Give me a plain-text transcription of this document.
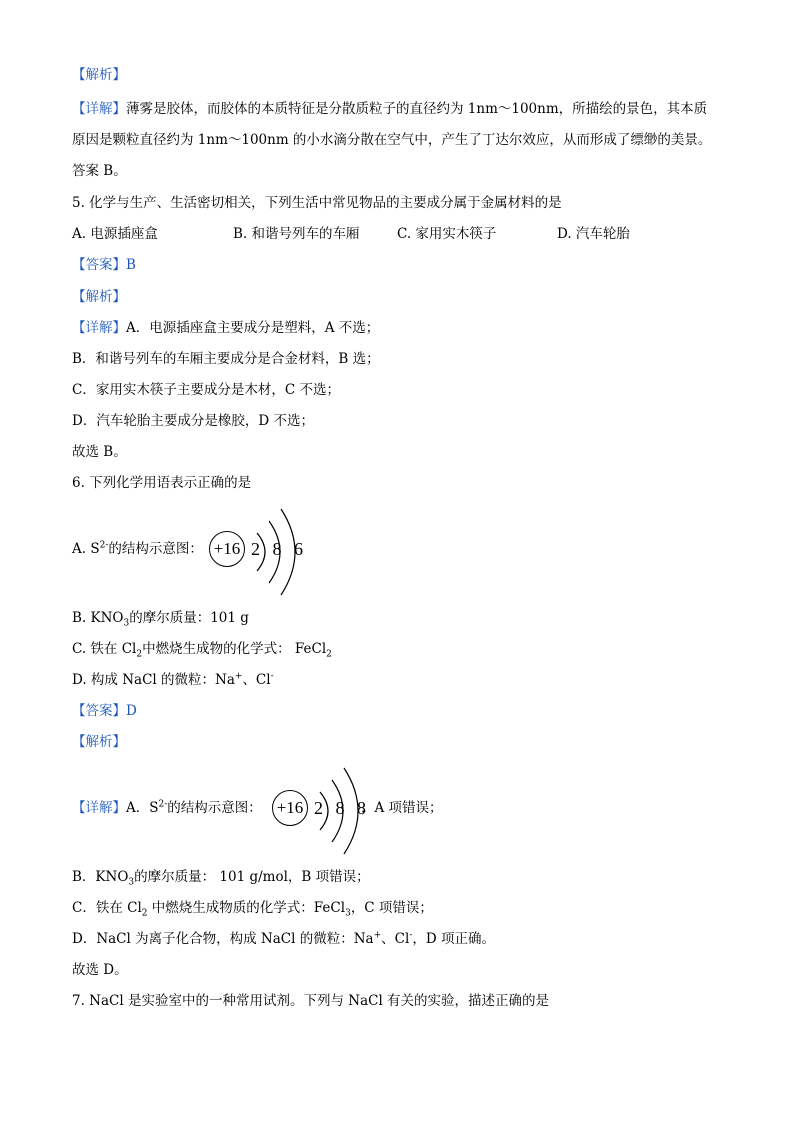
【解析】
【详解】薄雾是胶体，而胶体的本质特征是分散质粒子的直径约为 1nm～100nm，所描绘的景色，其本质
原因是颗粒直径约为 1nm～100nm 的小水滴分散在空气中，产生了丁达尔效应，从而形成了缥缈的美景。
答案 B。
5. 化学与生产、生活密切相关，下列生活中常见物品的主要成分属于金属材料的是
A. 电源插座盒	B. 和谐号列车的车厢	C. 家用实木筷子	D. 汽车轮胎
【答案】B
【解析】
【详解】A．电源插座盒主要成分是塑料，A 不选；
B．和谐号列车的车厢主要成分是合金材料，B 选；
C．家用实木筷子主要成分是木材，C 不选；
D．汽车轮胎主要成分是橡胶，D 不选；
故选 B。
6. 下列化学用语表示正确的是
A. $S^{2-}$的结构示意图： +16 2 8 6
B. $KNO_3$的摩尔质量：101 g
C. 铁在 $Cl_2$中燃烧生成物的化学式： FeCl$_2$
D. 构成 NaCl 的微粒：Na+、Cl-
【答案】D
【解析】
【详解】A．$S^{2-}$的结构示意图： +16 2 8 8
，A 项错误；
B．$KNO_3$的摩尔质量： 101 g/mol，B 项错误；
C．铁在 $Cl_2$ 中燃烧生成物质的化学式：FeCl$_3$，C 项错误；
D．NaCl 为离子化合物，构成 NaCl 的微粒：Na+、Cl-，D 项正确。
故选 D。
7. NaCl 是实验室中的一种常用试剂。下列与 NaCl 有关的实验，描述正确的是
